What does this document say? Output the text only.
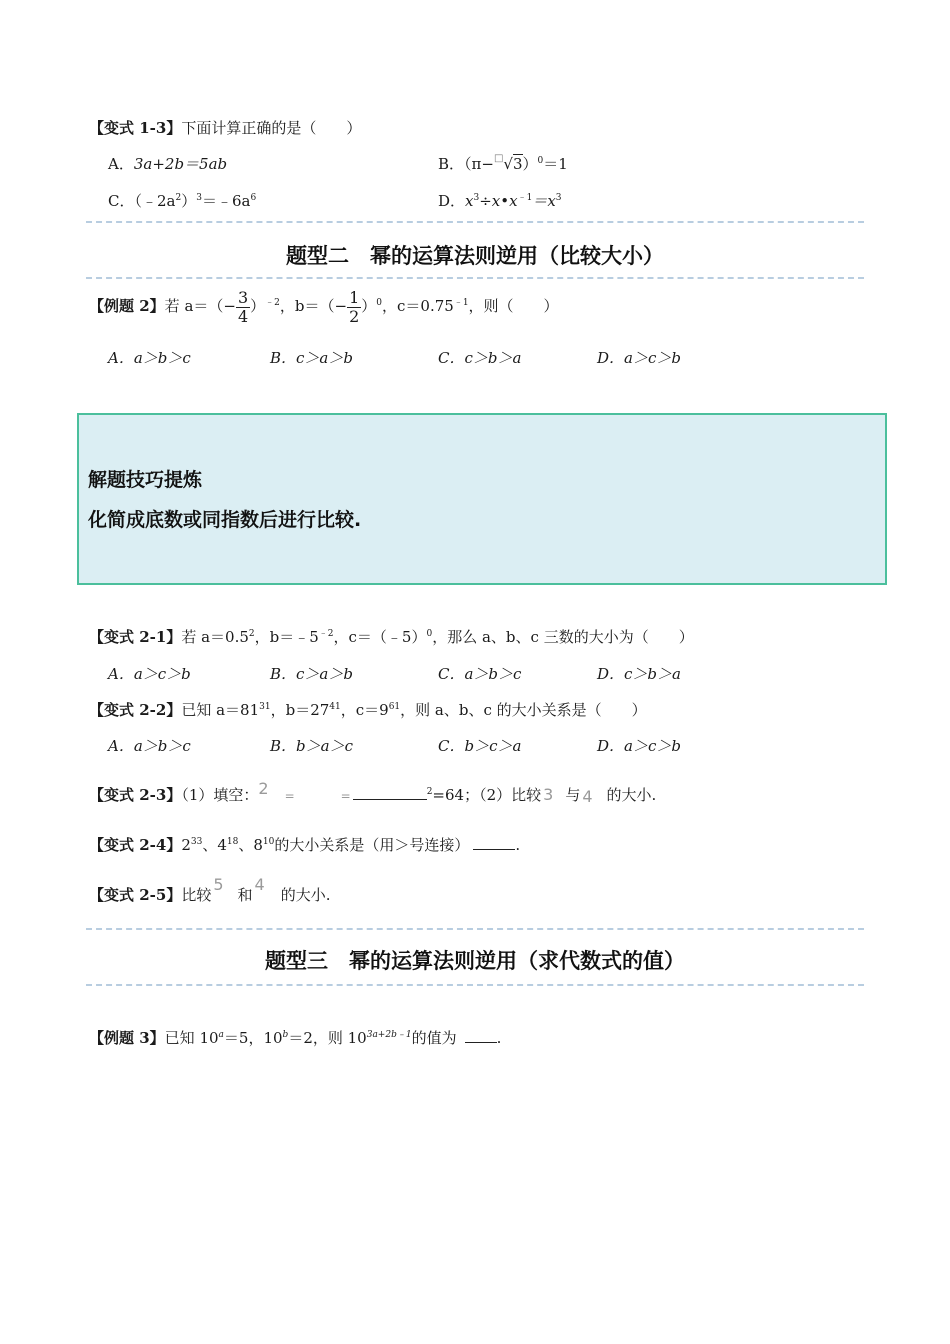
【变式 1-3】下面计算正确的是（　　）
A．3a+2b＝5ab	B．$(\pi-^□√3)^0=1$
C．$(﹣2a^2)^3=﹣6a^6$	D．$x^3\div x•x^{﹣1}=x^3$
题型二　幂的运算法则逆用（比较大小）
【例题 2】若 $a=(- \frac{3}{4} )^{﹣2}$，$b=(- \frac{1}{2} )^0$，$c=0.75^{﹣1}$，则（　　）
A．a＞b＞c	B．c＞a＞b	C．c＞b＞a	D．a＞c＞b
解题技巧提炼
化简成底数或同指数后进行比较.
【变式 2-1】若 $a=0.5^2$，$b=﹣5^{﹣2}$，c＝（﹣5）$^0$，那么 a、b、c 三数的大小为（　　）
A．a＞c＞b	B．c＞a＞b	C．a＞b＞c	D．c＞b＞a
【变式 2-2】已知 $a=81^{31}$，$b=27^{41}$，$c=9^{61}$，则 a、b、c 的大小关系是（　　）
A．a＞b＞c	B．b＞a＞c	C．b＞c＞a	D．a＞c＞b
【变式 2-3】（1）填空：2 =	=	$^2$=64；（2）比较 3 与 4 的大小.
【变式 2-4】$2^{33}$、$4^{18}$、$8^{10}$的大小关系是（用＞号连接）	.
【变式 2-5】比较5和4的大小.
题型三　幂的运算法则逆用（求代数式的值）
【例题 3】已知 $10^a=5$，$10^b=2$，则 $10^{3a+2b﹣1}$的值为	.
